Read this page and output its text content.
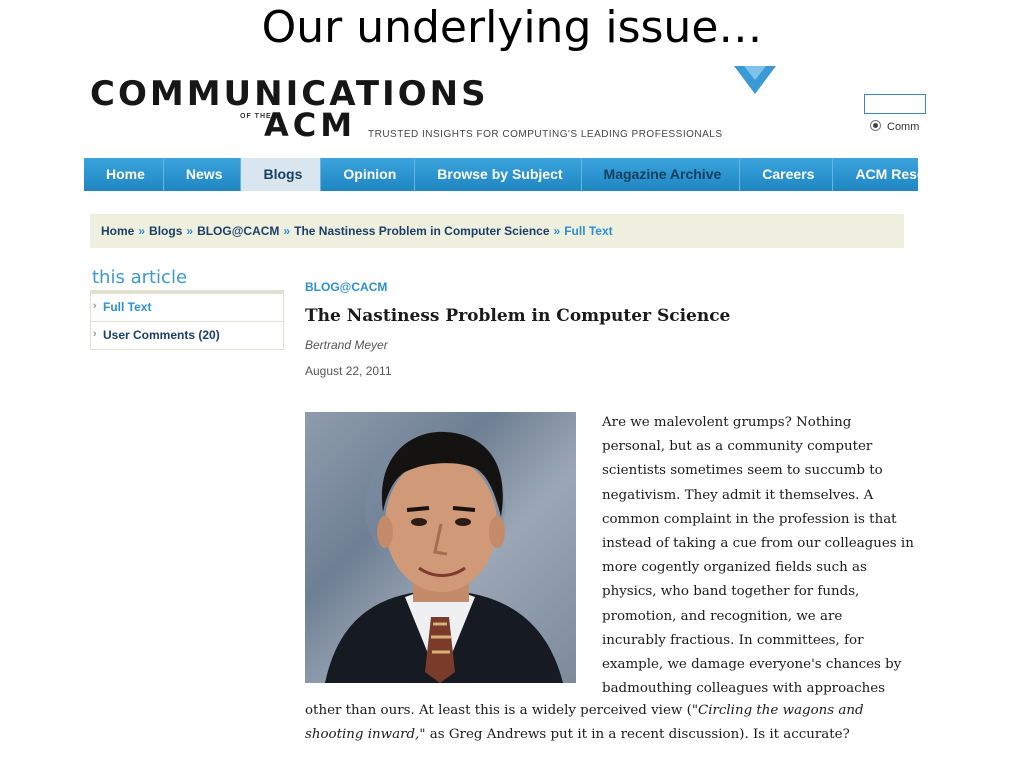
Our underlying issue…
COMMUNICATIONS
OF THE
ACM TRUSTED INSIGHTS FOR COMPUTING'S LEADING PROFESSIONALS
Comm
Home	News	Blogs	Opinion	Browse by Subject	Magazine Archive	Careers	ACM Reso
Home » Blogs » BLOG@CACM » The Nastiness Problem in Computer Science » Full Text
this article
› Full Text
› User Comments (20)
BLOG@CACM
The Nastiness Problem in Computer Science
Bertrand Meyer
August 22, 2011
Are we malevolent grumps? Nothing
personal, but as a community computer
scientists sometimes seem to succumb to
negativism. They admit it themselves. A
common complaint in the profession is that
instead of taking a cue from our colleagues in
more cogently organized fields such as
physics, who band together for funds,
promotion, and recognition, we are
incurably fractious. In committees, for
example, we damage everyone's chances by
badmouthing colleagues with approaches
other than ours. At least this is a widely perceived view ("Circling the wagons and
shooting inward," as Greg Andrews put it in a recent discussion). Is it accurate?
